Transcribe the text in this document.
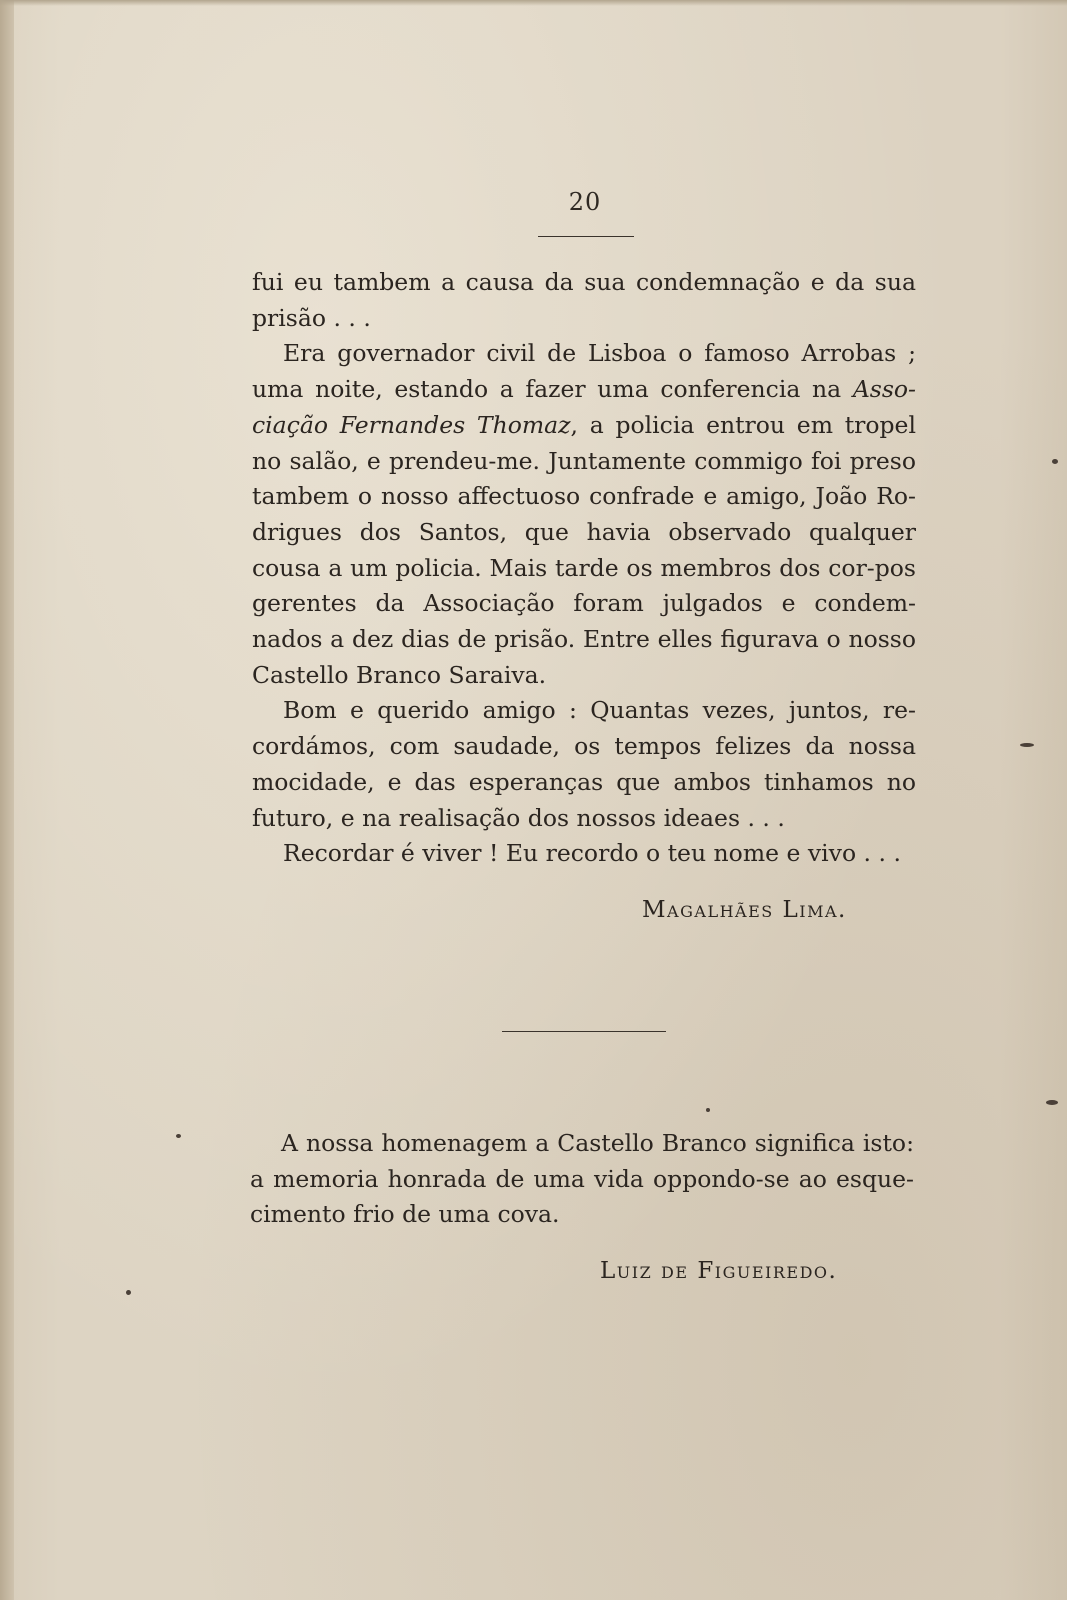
20

fui eu tambem a causa da sua condemnação e da sua prisão . . .

Era governador civil de Lisboa o famoso Arrobas ; uma noite, estando a fazer uma conferencia na Asso-ciação Fernandes Thomaz, a policia entrou em tropel no salão, e prendeu-me. Juntamente commigo foi preso tambem o nosso affectuoso confrade e amigo, João Ro-drigues dos Santos, que havia observado qualquer cousa a um policia. Mais tarde os membros dos cor-pos gerentes da Associação foram julgados e condem-nados a dez dias de prisão. Entre elles figurava o nosso Castello Branco Saraiva.

Bom e querido amigo : Quantas vezes, juntos, re-cordámos, com saudade, os tempos felizes da nossa mocidade, e das esperanças que ambos tinhamos no futuro, e na realisação dos nossos ideaes . . .

Recordar é viver ! Eu recordo o teu nome e vivo . . .

Magalhães Lima.

A nossa homenagem a Castello Branco significa isto: a memoria honrada de uma vida oppondo-se ao esque-cimento frio de uma cova.

Luiz de Figueiredo.
